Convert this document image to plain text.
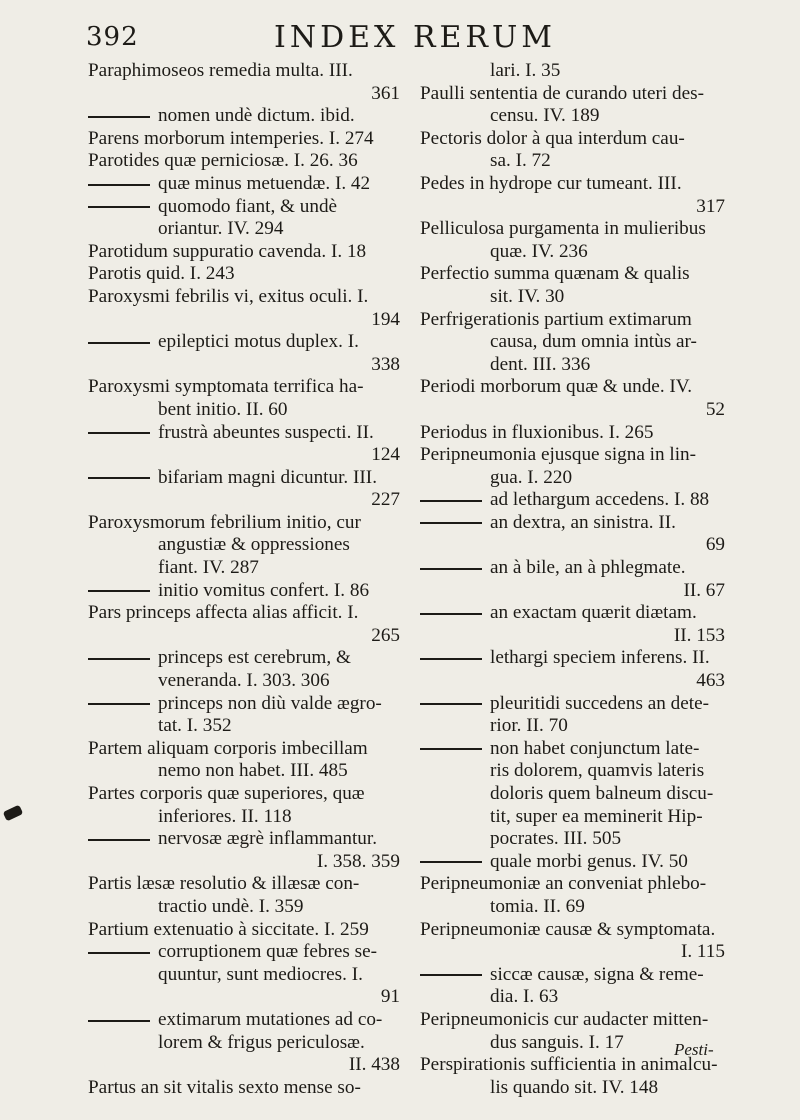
392	INDEX RERUM
Paraphimoseos remedia multa. III.
361
nomen undè dictum. ibid.
Parens morborum intemperies. I. 274
Parotides quæ perniciosæ. I. 26. 36
quæ minus metuendæ. I. 42
quomodo fiant, & undè
oriantur. IV. 294
Parotidum suppuratio cavenda. I. 18
Parotis quid. I. 243
Paroxysmi febrilis vi, exitus oculi. I.
194
epileptici motus duplex. I.
338
Paroxysmi symptomata terrifica ha-
bent initio. II. 60
frustrà abeuntes suspecti. II.
124
bifariam magni dicuntur. III.
227
Paroxysmorum febrilium initio, cur
angustiæ & oppressiones
fiant. IV. 287
initio vomitus confert. I. 86
Pars princeps affecta alias afficit. I.
265
princeps est cerebrum, &
veneranda. I. 303. 306
princeps non diù valde ægro-
tat. I. 352
Partem aliquam corporis imbecillam
nemo non habet. III. 485
Partes corporis quæ superiores, quæ
inferiores. II. 118
nervosæ ægrè inflammantur.
I. 358. 359
Partis læsæ resolutio & illæsæ con-
tractio undè. I. 359
Partium extenuatio à siccitate. I. 259
corruptionem quæ febres se-
quuntur, sunt mediocres. I.
91
extimarum mutationes ad co-
lorem & frigus periculosæ.
II. 438
Partus an sit vitalis sexto mense so-
lari. I. 35
Paulli sententia de curando uteri des-
censu. IV. 189
Pectoris dolor à qua interdum cau-
sa. I. 72
Pedes in hydrope cur tumeant. III.
317
Pelliculosa purgamenta in mulieribus
quæ. IV. 236
Perfectio summa quænam & qualis
sit. IV. 30
Perfrigerationis partium extimarum
causa, dum omnia intùs ar-
dent. III. 336
Periodi morborum quæ & unde. IV.
52
Periodus in fluxionibus. I. 265
Peripneumonia ejusque signa in lin-
gua. I. 220
ad lethargum accedens. I. 88
an dextra, an sinistra. II.
69
an à bile, an à phlegmate.
II. 67
an exactam quærit diætam.
II. 153
lethargi speciem inferens. II.
463
pleuritidi succedens an dete-
rior. II. 70
non habet conjunctum late-
ris dolorem, quamvis lateris
doloris quem balneum discu-
tit, super ea meminerit Hip-
pocrates. III. 505
quale morbi genus. IV. 50
Peripneumoniæ an conveniat phlebo-
tomia. II. 69
Peripneumoniæ causæ & symptomata.
I. 115
siccæ causæ, signa & reme-
dia. I. 63
Peripneumonicis cur audacter mitten-
dus sanguis. I. 17
Perspirationis sufficientia in animalcu-
lis quando sit. IV. 148
Pesti-
